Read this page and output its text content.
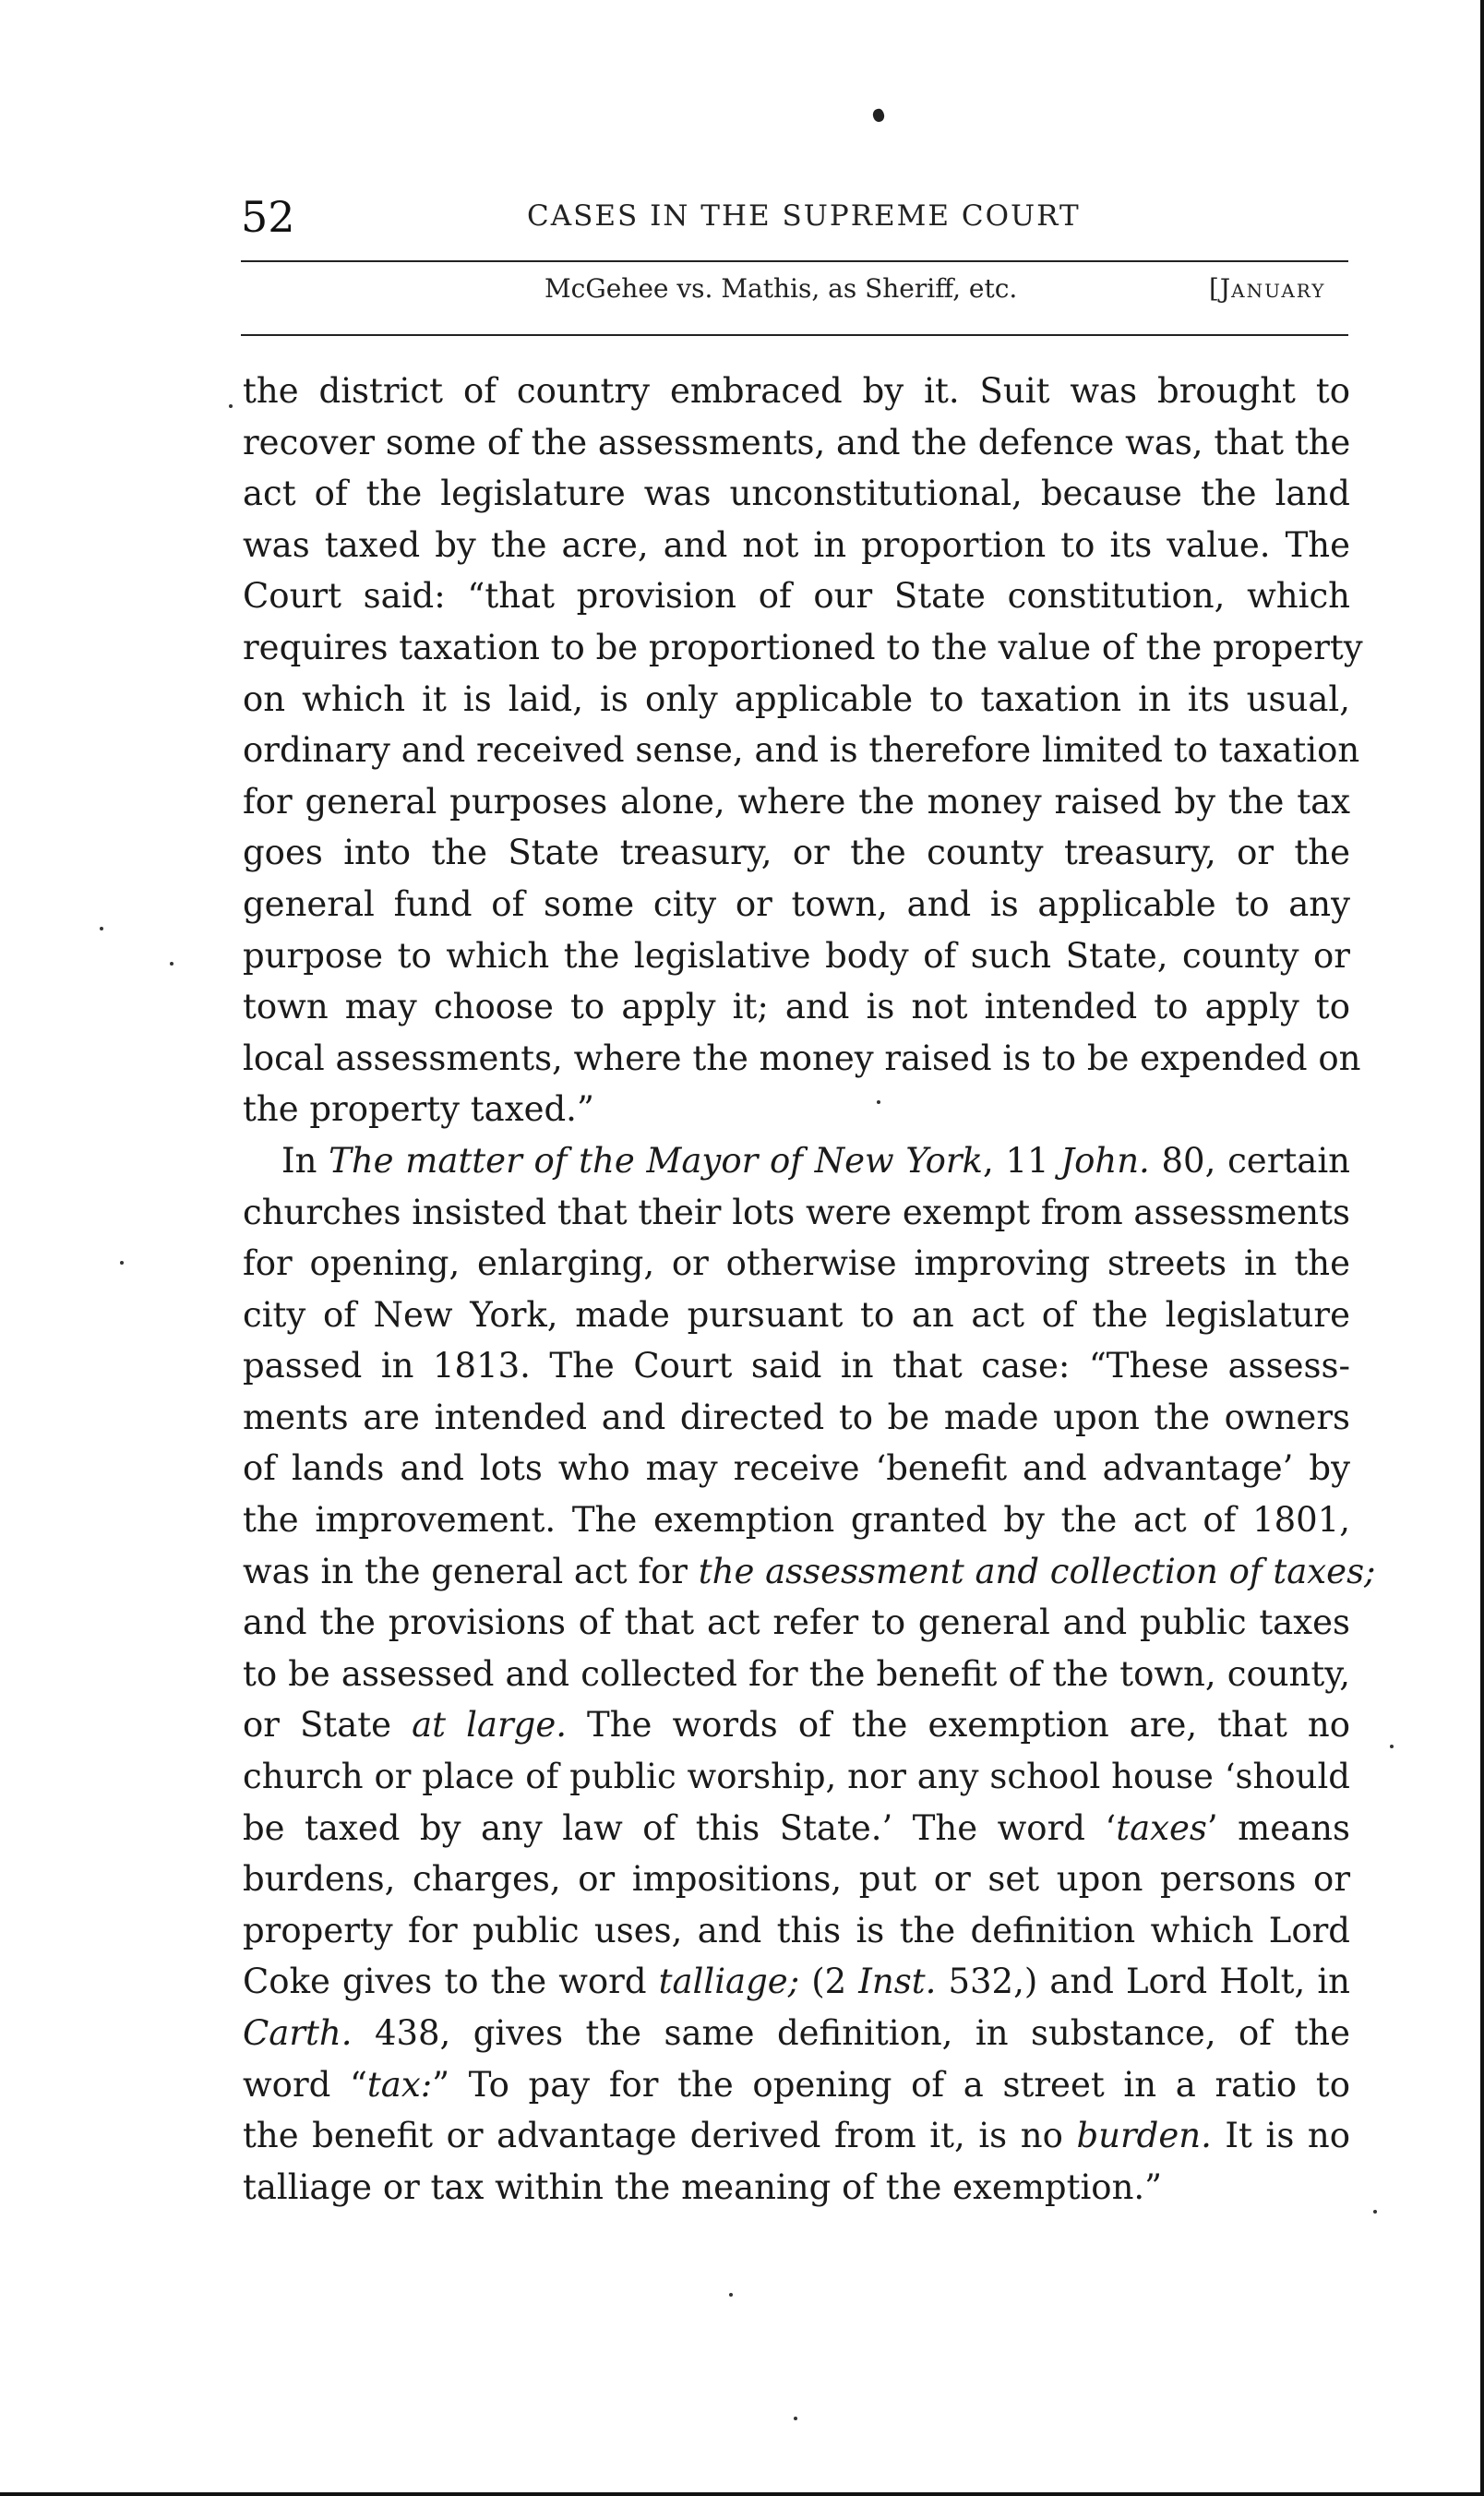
52	CASES IN THE SUPREME COURT
McGehee vs. Mathis, as Sheriff, etc.	[JANUARY

the district of country embraced by it. Suit was brought to
recover some of the assessments, and the defence was, that the
act of the legislature was unconstitutional, because the land
was taxed by the acre, and not in proportion to its value. The
Court said: “that provision of our State constitution, which
requires taxation to be proportioned to the value of the property
on which it is laid, is only applicable to taxation in its usual,
ordinary and received sense, and is therefore limited to taxation
for general purposes alone, where the money raised by the tax
goes into the State treasury, or the county treasury, or the
general fund of some city or town, and is applicable to any
purpose to which the legislative body of such State, county or
town may choose to apply it; and is not intended to apply to
local assessments, where the money raised is to be expended on
the property taxed.”

In The matter of the Mayor of New York, 11 John. 80, certain
churches insisted that their lots were exempt from assessments
for opening, enlarging, or otherwise improving streets in the
city of New York, made pursuant to an act of the legislature
passed in 1813. The Court said in that case: “These assess-
ments are intended and directed to be made upon the owners
of lands and lots who may receive ‘benefit and advantage’ by
the improvement. The exemption granted by the act of 1801,
was in the general act for the assessment and collection of taxes;
and the provisions of that act refer to general and public taxes
to be assessed and collected for the benefit of the town, county,
or State at large. The words of the exemption are, that no
church or place of public worship, nor any school house ‘should
be taxed by any law of this State.’ The word ‘taxes’ means
burdens, charges, or impositions, put or set upon persons or
property for public uses, and this is the definition which Lord
Coke gives to the word talliage; (2 Inst. 532,) and Lord Holt, in
Carth. 438, gives the same definition, in substance, of the
word “tax:” To pay for the opening of a street in a ratio to
the benefit or advantage derived from it, is no burden. It is no
talliage or tax within the meaning of the exemption.”
